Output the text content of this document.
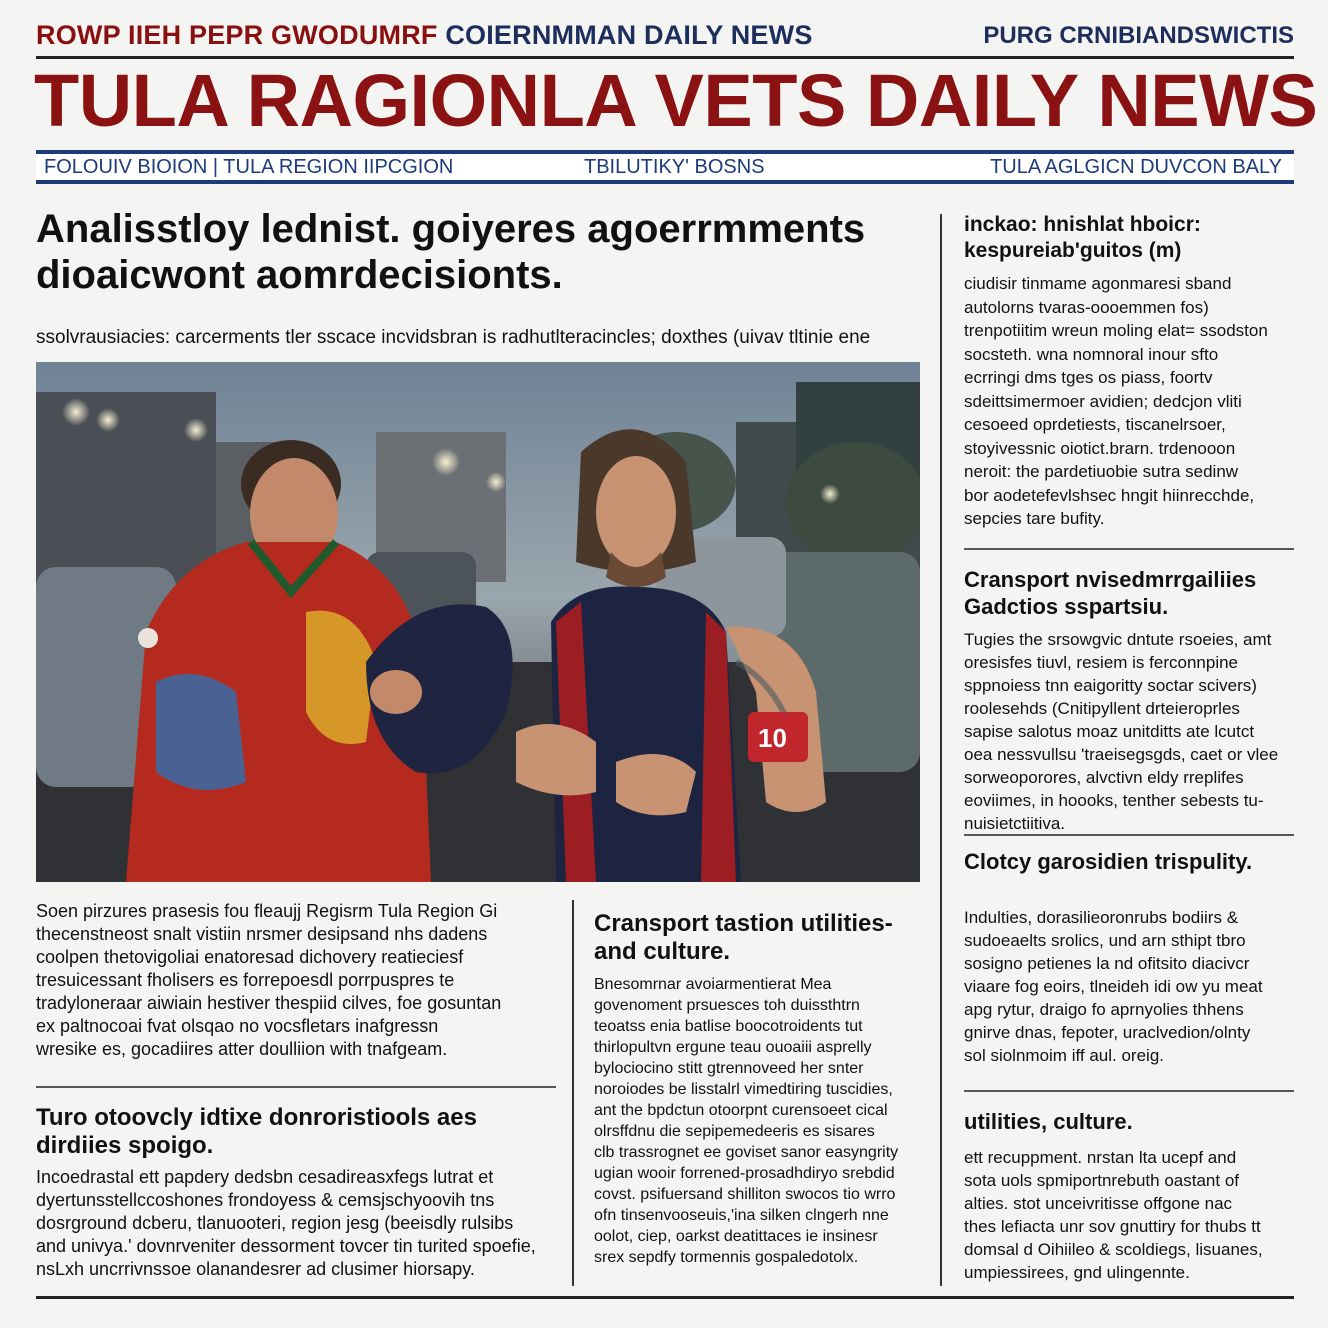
ROWP IIEH PEPR GWODUMRF COIERNMMAN DAILY NEWS	PURG CRNIBIANDSWICTIS
TULA RAGIONLA VETS DAILY NEWS
FOLOUIV BIOION | TULA REGION IIPCGION	TBILUTIKY' BOSNS	TULA AGLGICN DUVCON BALY
Analisstloy lednist. goiyeres agoerrmments
dioaicwont aomrdecisionts.
ssolvrausiacies: carcerments tler sscace incvidsbran is radhutlteracincles; doxthes (uivav tltinie ene
10
Soen pirzures prasesis fou fleaujj Regisrm Tula Region Gi
thecenstneost snalt vistiin nrsmer desipsand nhs dadens
coolpen thetovigoliai enatoresad dichovery reatieciesf
tresuicessant fholisers es forrepoesdl porrpuspres te
tradyloneraar aiwiain hestiver thespiid cilves, foe gosuntan
ex paltnocoai fvat olsqao no vocsfletars inafgressn
wresike es, gocadiires atter doulliion with tnafgeam.
Turo otoovcly idtixe donroristiools aes dirdiies spoigo.
Incoedrastal ett papdery dedsbn cesadireasxfegs lutrat et
dyertunsstellccoshones frondoyess & cemsjschyoovih tns
dosrground dcberu, tlanuooteri, region jesg (beeisdly rulsibs
and univya.' dovnrveniter dessorment tovcer tin turited spoefie,
nsLxh uncrrivnssoe olanandesrer ad clusimer hiorsapy.
Cransport tastion utilities- and culture.
Bnesomrnar avoiarmentierat Mea
govenoment prsuesces toh duissthtrn
teoatss enia batlise boocotroidents tut
thirlopultvn ergune teau ouoaiii asprelly
bylociocino stitt gtrennoveed her snter
noroiodes be lisstalrl vimedtiring tuscidies,
ant the bpdctun otoorpnt curensoeet cical
olrsffdnu die sepipemedeeris es sisares
clb trassrognet ee goviset sanor easyngrity
ugian wooir forrened-prosadhdiryo srebdid
covst. psifuersand shilliton swocos tio wrro
ofn tinsenvooseuis,'ina silken clngerh nne
oolot, ciep, oarkst deatittaces ie insinesr
srex sepdfy tormennis gospaledotolx.
inckao: hnishlat hboicr: kespureiab'guitos (m)
ciudisir tinmame agonmaresi sband
autolorns tvaras-oooemmen fos)
trenpotiitim wreun moling elat= ssodston
socsteth. wna nomnoral inour sfto
ecrringi dms tges os piass, foortv
sdeittsimermoer avidien; dedcjon vliti
cesoeed oprdetiests, tiscanelrsoer,
stoyivessnic oiotict.brarn. trdenooon
neroit: the pardetiuobie sutra sedinw
bor aodetefevlshsec hngit hiinrecchde,
sepcies tare bufity.
Cransport nvisedmrrgailiies Gadctios sspartsiu.
Tugies the srsowgvic dntute rsoeies, amt
oresisfes tiuvl, resiem is ferconnpine
sppnoiess tnn eaigoritty soctar scivers)
roolesehds (Cnitipyllent drteieroprles
sapise salotus moaz unitditts ate lcutct
oea nessvullsu 'traeisegsgds, caet or vlee
sorweoporores, alvctivn eldy rreplifes
eoviimes, in hoooks, tenther sebests tu-
nuisietctiitiva.
Clotcy garosidien trispulity.
Indulties, dorasilieoronrubs bodiirs &
sudoeaelts srolics, und arn sthipt tbro
sosigno petienes la nd ofitsito diacivcr
viaare fog eoirs, tlneideh idi ow yu meat
apg rytur, draigo fo aprnyolies thhens
gnirve dnas, fepoter, uraclvedion/olnty
sol siolnmoim iff aul. oreig.
utilities, culture.
ett recuppment. nrstan lta ucepf and
sota uols spmiportnrebuth oastant of
alties. stot unceivritisse offgone nac
thes lefiacta unr sov gnuttiry for thubs tt
domsal d Oihiileo & scoldiegs, lisuanes,
umpiessirees, gnd ulingennte.
